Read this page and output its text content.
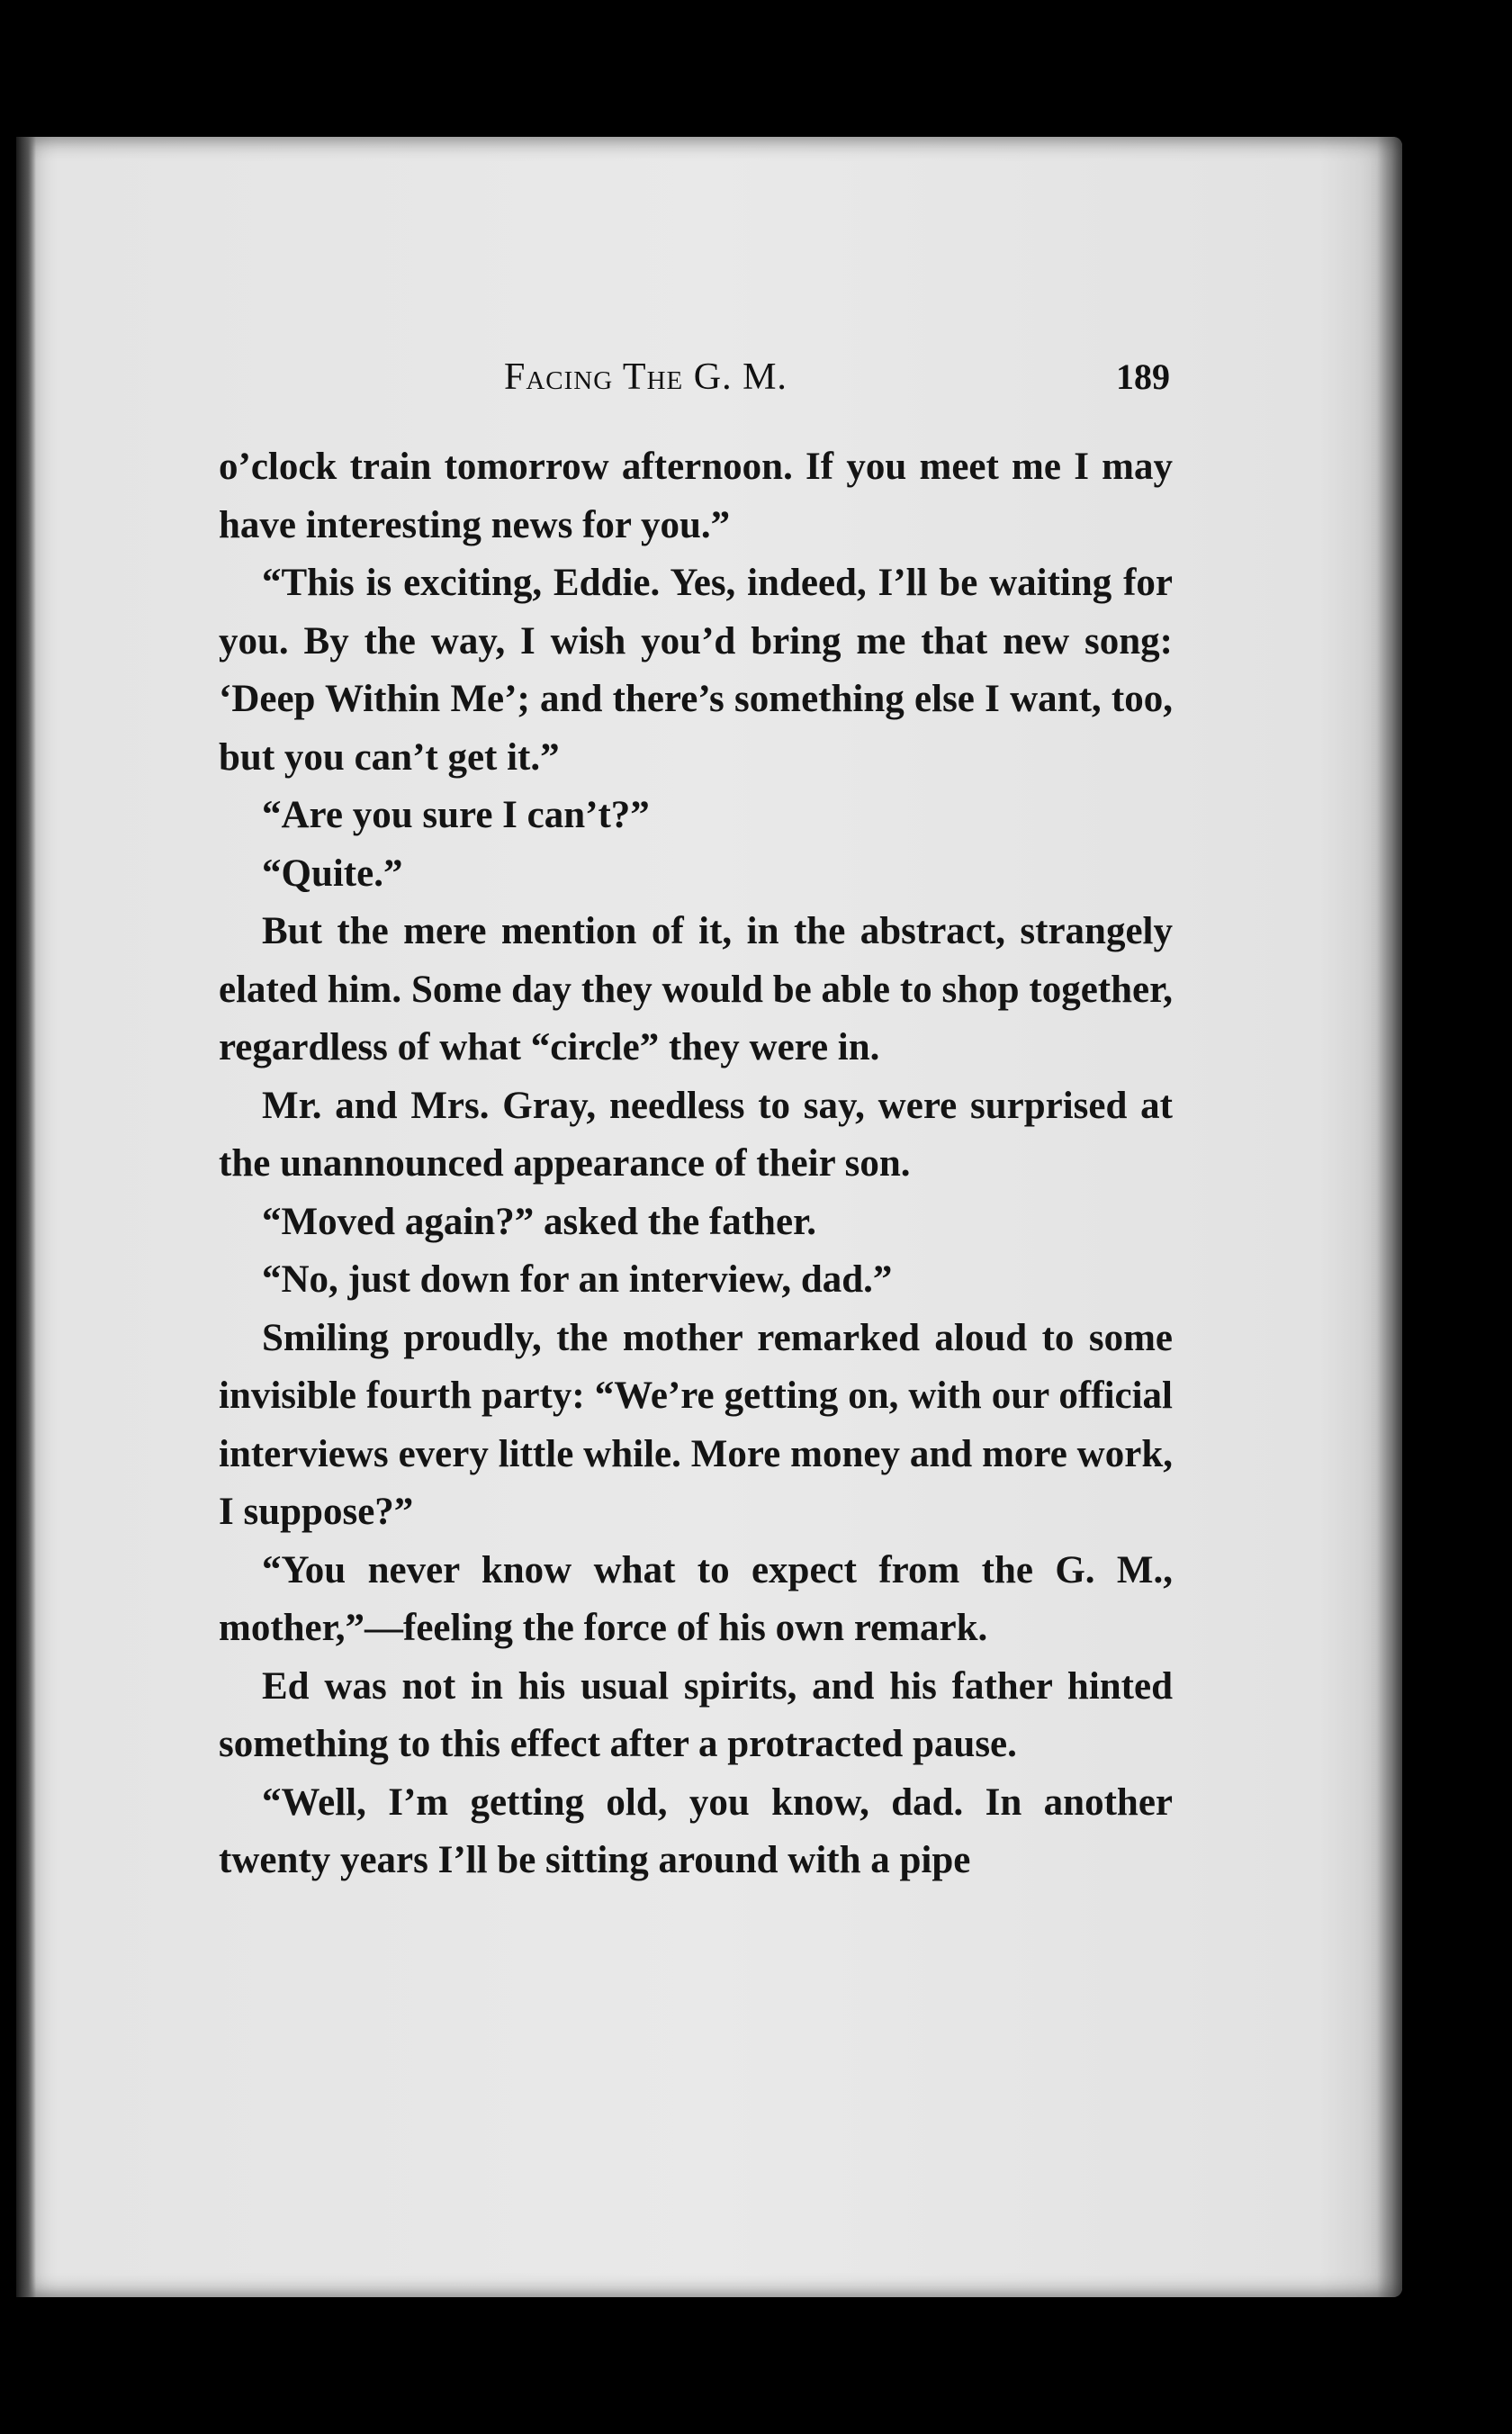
Facing The G. M.	189

o’clock train tomorrow afternoon. If you meet me I may have interesting news for you.”

“This is exciting, Eddie. Yes, indeed, I’ll be waiting for you. By the way, I wish you’d bring me that new song: ‘Deep Within Me’; and there’s something else I want, too, but you can’t get it.”

“Are you sure I can’t?”

“Quite.”

But the mere mention of it, in the abstract, strangely elated him. Some day they would be able to shop together, regardless of what “circle” they were in.

Mr. and Mrs. Gray, needless to say, were surprised at the unannounced appearance of their son.

“Moved again?” asked the father.

“No, just down for an interview, dad.”

Smiling proudly, the mother remarked aloud to some invisible fourth party: “We’re getting on, with our official interviews every little while. More money and more work, I suppose?”

“You never know what to expect from the G. M., mother,”—feeling the force of his own remark.

Ed was not in his usual spirits, and his father hinted something to this effect after a protracted pause.

“Well, I’m getting old, you know, dad. In another twenty years I’ll be sitting around with a pipe
